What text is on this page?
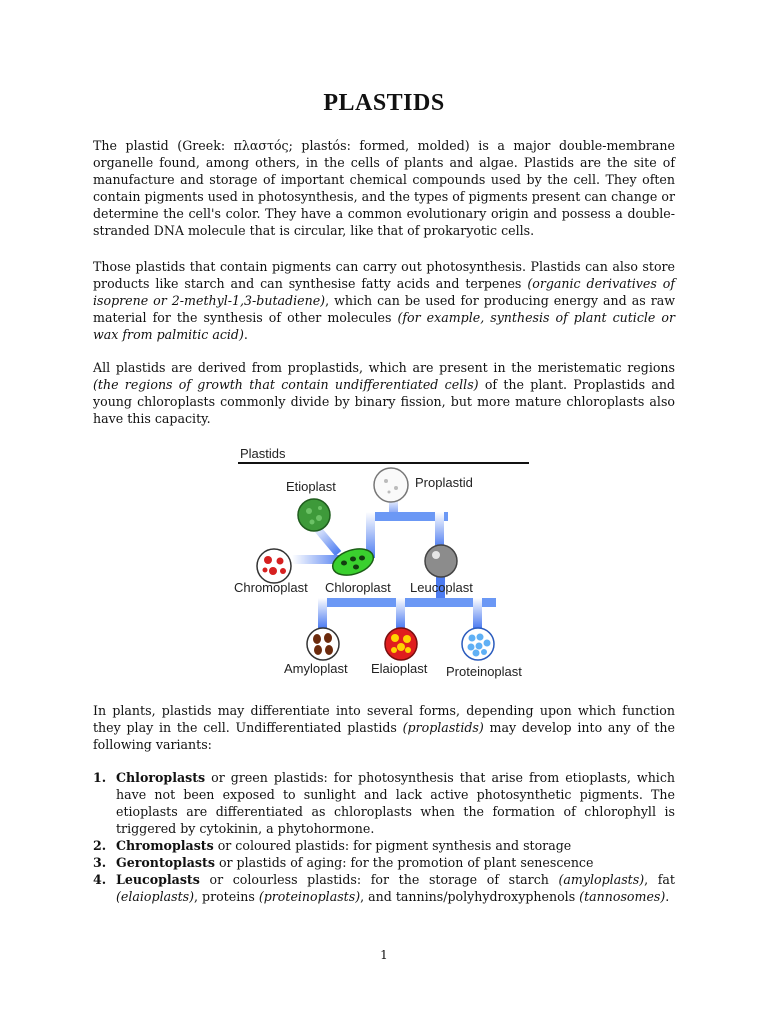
PLASTIDS

The plastid (Greek: πλαστός; plastós: formed, molded) is a major double-membrane organelle found, among others, in the cells of plants and algae. Plastids are the site of manufacture and storage of important chemical compounds used by the cell. They often contain pigments used in photosynthesis, and the types of pigments present can change or determine the cell's color. They have a common evolutionary origin and possess a double-stranded DNA molecule that is circular, like that of prokaryotic cells.

Those plastids that contain pigments can carry out photosynthesis. Plastids can also store products like starch and can synthesise fatty acids and terpenes (organic derivatives of isoprene or 2-methyl-1,3-butadiene), which can be used for producing energy and as raw material for the synthesis of other molecules (for example, synthesis of plant cuticle or wax from palmitic acid).

All plastids are derived from proplastids, which are present in the meristematic regions (the regions of growth that contain undifferentiated cells) of the plant. Proplastids and young chloroplasts commonly divide by binary fission, but more mature chloroplasts also have this capacity.

Plastids
Proplastid
Etioplast
Chromoplast Chloroplast Leucoplast
Amyloplast Elaioplast Proteinoplast

In plants, plastids may differentiate into several forms, depending upon which function they play in the cell. Undifferentiated plastids (proplastids) may develop into any of the following variants:

1. Chloroplasts or green plastids: for photosynthesis that arise from etioplasts, which have not been exposed to sunlight and lack active photosynthetic pigments. The etioplasts are differentiated as chloroplasts when the formation of chlorophyll is triggered by cytokinin, a phytohormone.
2. Chromoplasts or coloured plastids: for pigment synthesis and storage
3. Gerontoplasts or plastids of aging: for the promotion of plant senescence
4. Leucoplasts or colourless plastids: for the storage of starch (amyloplasts), fat (elaioplasts), proteins (proteinoplasts), and tannins/polyhydroxyphenols (tannosomes).
1
